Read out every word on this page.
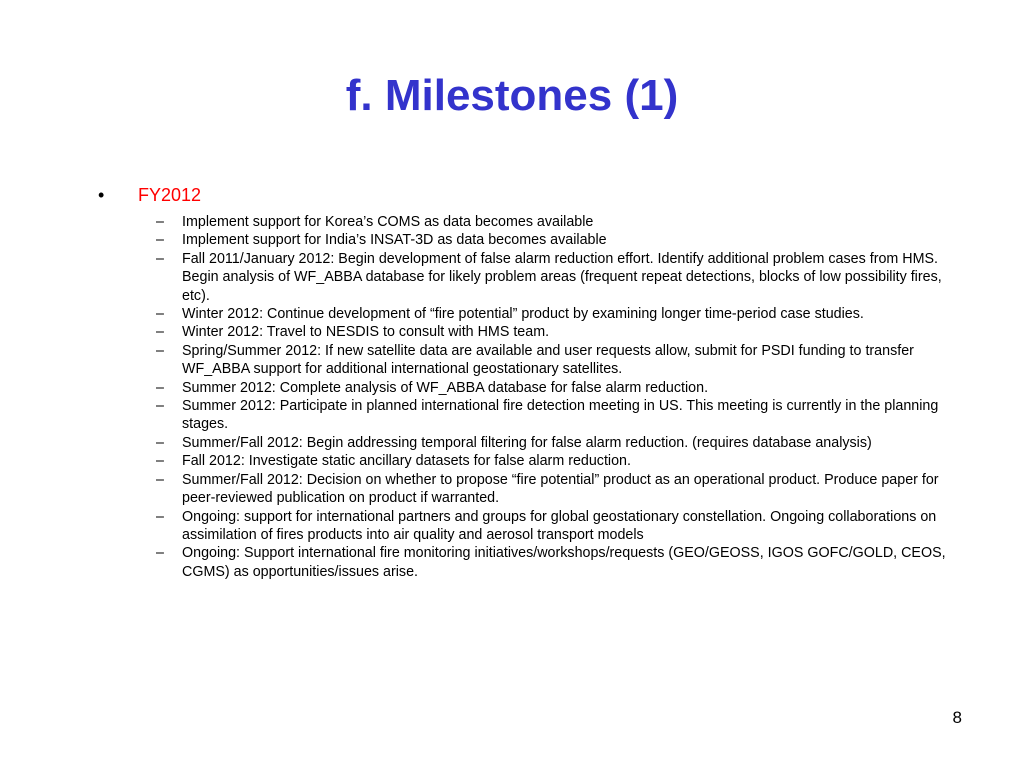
f. Milestones (1)
• FY2012
– Implement support for Korea’s COMS as data becomes available
– Implement support for India’s INSAT-3D as data becomes available
– Fall 2011/January 2012: Begin development of false alarm reduction effort. Identify additional problem cases from HMS. Begin analysis of WF_ABBA database for likely problem areas (frequent repeat detections, blocks of low possibility fires, etc).
– Winter 2012: Continue development of “fire potential” product by examining longer time-period case studies.
– Winter 2012: Travel to NESDIS to consult with HMS team.
– Spring/Summer 2012: If new satellite data are available and user requests allow, submit for PSDI funding to transfer WF_ABBA support for additional international geostationary satellites.
– Summer 2012: Complete analysis of WF_ABBA database for false alarm reduction.
– Summer 2012: Participate in planned international fire detection meeting in US. This meeting is currently in the planning stages.
– Summer/Fall 2012: Begin addressing temporal filtering for false alarm reduction. (requires database analysis)
– Fall 2012: Investigate static ancillary datasets for false alarm reduction.
– Summer/Fall 2012: Decision on whether to propose “fire potential” product as an operational product. Produce paper for peer-reviewed publication on product if warranted.
– Ongoing: support for international partners and groups for global geostationary constellation. Ongoing collaborations on assimilation of fires products into air quality and aerosol transport models
– Ongoing: Support international fire monitoring initiatives/workshops/requests (GEO/GEOSS, IGOS GOFC/GOLD, CEOS, CGMS) as opportunities/issues arise.
8
